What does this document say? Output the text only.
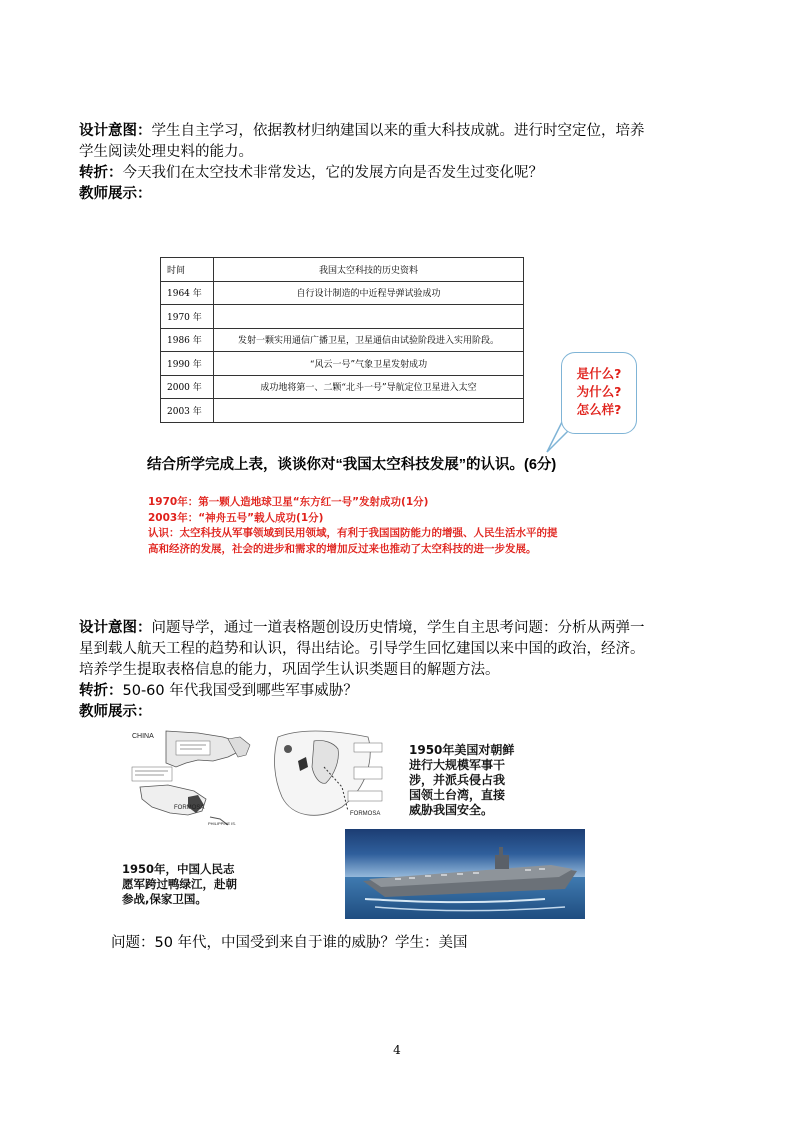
设计意图：学生自主学习，依据教材归纳建国以来的重大科技成就。进行时空定位，培养
学生阅读处理史料的能力。
转折：今天我们在太空技术非常发达，它的发展方向是否发生过变化呢？
教师展示：
时间	我国太空科技的历史资料
1964 年	自行设计制造的中近程导弹试验成功
1970 年	
1986 年	发射一颗实用通信广播卫星，卫星通信由试验阶段进入实用阶段。
1990 年	“风云一号”气象卫星发射成功
2000 年	成功地将第一、二颗“北斗一号”导航定位卫星进入太空
2003 年	
是什么?
为什么?
怎么样?
结合所学完成上表，谈谈你对“我国太空科技发展”的认识。(6分)
1970年：第一颗人造地球卫星“东方红一号”发射成功(1分)
2003年：“神舟五号”载人成功(1分)
认识：太空科技从军事领域到民用领域，有利于我国国防能力的增强、人民生活水平的提
高和经济的发展，社会的进步和需求的增加反过来也推动了太空科技的进一步发展。
设计意图：问题导学，通过一道表格题创设历史情境，学生自主思考问题：分析从两弹一
星到载人航天工程的趋势和认识，得出结论。引导学生回忆建国以来中国的政治，经济。
培养学生提取表格信息的能力，巩固学生认识类题目的解题方法。
转折：50-60 年代我国受到哪些军事威胁？
教师展示：
CHINA
FORMOSA
PHILIPPINE IS.
FORMOSA
1950年美国对朝鲜
进行大规模军事干
涉，并派兵侵占我
国领土台湾，直接
威胁我国安全。
1950年，中国人民志
愿军跨过鸭绿江，赴朝
参战,保家卫国。
问题：50 年代，中国受到来自于谁的威胁？学生：美国
4
